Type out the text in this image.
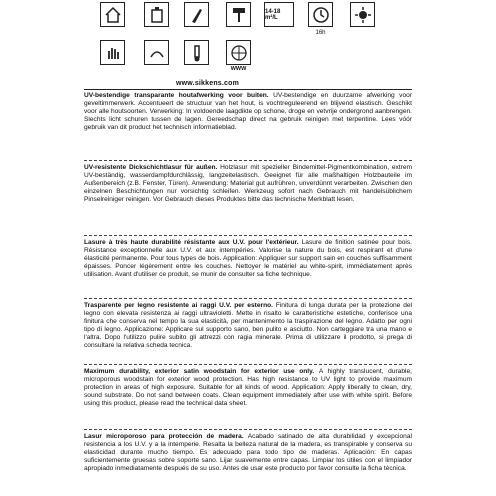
14-18 m²/L
16h
WWW
www.sikkens.com
UV-bestendige transparante houtafwerking voor buiten. UV-bestendige en duurzame afwerking voor geveltimmerwerk. Accentueert de structuur van het hout, is vochtreguleerend en blijvend elastisch. Geschikt voor alle houtsoorten. Verwerking: In voldoende laagdikte op schone, droge en vetvrije ondergrond aanbrengen. Slechts licht schuren tussen de lagen. Gereedschap direct na gebruik reinigen met terpentine. Lees vóór gebruik van dit product het technisch informatieblad.
UV-resistente Dickschichtlasur für außen. Holzlasur mit spezieller Bindemittel-Pigmentkombination, extrem UV-beständig, wasserdampfdurchlässig, langzeitelastisch. Geeignet für alle maßhaltigen Holzbauteile im Außenbereich (z.B. Fenster, Türen). Anwendung: Material gut aufrühren, unverdünnt verarbeiten. Zwischen den einzelnen Beschichtungen nur vorsichtig schleifen. Werkzeug sofort nach Gebrauch mit handelsüblichem Pinselreiniger reinigen. Vor Gebrauch dieses Produktes bitte das technische Merkblatt lesen.
Lasure à très haute durabilité résistante aux U.V. pour l'extérieur. Lasure de finition satinée pour bois. Résistance exceptionnelle aux U.V. et aux intempéries. Valorise la nature du bois, est respirant et d'une élasticité permanente. Pour tous types de bois. Application: Appliquer sur support sain en couches suffisamment épaisses. Poncer légèrement entre les couches. Nettoyer le matériel au white-spirit, immédiatement après utilisation. Avant d'utiliser ce produit, se munir de consulter sa fiche technique.
Trasparente per legno resistente ai raggi U.V. per esterno. Finitura di lunga durata per la protezione del legno con elevata resistenza ai raggi ultravioletti. Mette in risalto le caratteristiche estetiche, conferisce una finitura che conserva nel tempo la sua elasticità, per mantenimento la traspirazione del legno. Adatto per ogni tipo di legno. Applicazione: Applicare sul supporto sano, ben pulito e asciutto. Non carteggiare tra una mano e l'altra. Dopo l'utilizzo pulire subito gli attrezzi con ragia minerale. Prima di utilizzare il prodotto, si prega di consultare la relativa scheda tecnica.
Maximum durability, exterior satin woodstain for exterior use only. A highly translucent, durable, microporous woodstain for exterior wood protection. Has high resistance to UV light to provide maximum protection in areas of high exposure. Suitable for all kinds of wood. Application: Apply liberally to clean, dry, sound substrate. Do not sand between coats. Clean equipment immediately after use with white spirit. Before using this product, please read the technical data sheet.
Lasur microporoso para protección de madera. Acabado satinado de alta durabilidad y excepcional resistencia a los U.V. y a la intemperie. Resalta la belleza natural de la madera, es transpirable y conserva su elasticidad durante mucho tiempo. Es adecuado para todo tipo de maderas. Aplicación: En capas suficientemente gruesas sobre soporte sano. Lijar suavemente entre capas. Limpiar los útiles con el limpiador apropiado inmediatamente después de su uso. Antes de usar este producto por favor consulte la ficha técnica.
